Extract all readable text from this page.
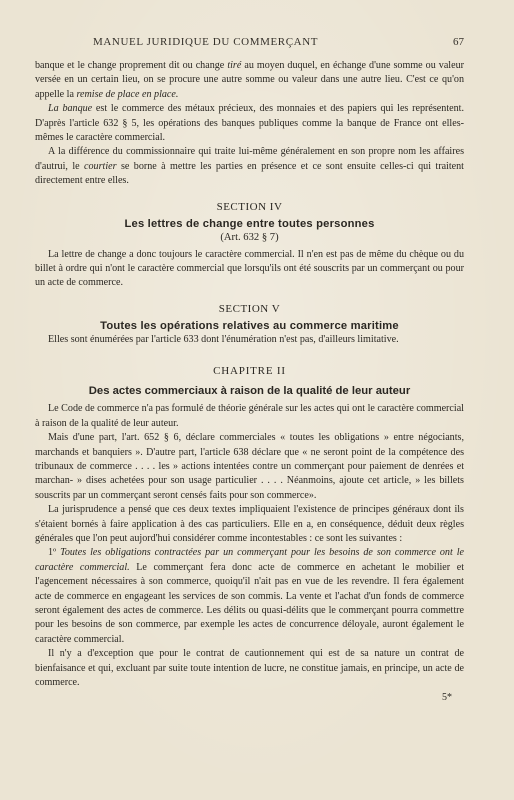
MANUEL JURIDIQUE DU COMMERÇANT	67

banque et le change proprement dit ou change tiré au moyen duquel, en échange d'une somme ou valeur versée en un certain lieu, on se procure une autre somme ou valeur dans une autre lieu. C'est ce qu'on appelle la remise de place en place.

La banque est le commerce des métaux précieux, des monnaies et des papiers qui les représentent. D'après l'article 632 § 5, les opérations des banques publiques comme la banque de France ont elles-mêmes le caractère commercial.

A la différence du commissionnaire qui traite lui-même généralement en son propre nom les affaires d'autrui, le courtier se borne à mettre les parties en présence et ce sont ensuite celles-ci qui traitent directement entre elles.

SECTION IV
Les lettres de change entre toutes personnes
(Art. 632 § 7)

La lettre de change a donc toujours le caractère commercial. Il n'en est pas de même du chèque ou du billet à ordre qui n'ont le caractère commercial que lorsqu'ils ont été souscrits par un commerçant ou pour un acte de commerce.

SECTION V
Toutes les opérations relatives au commerce maritime

Elles sont énumérées par l'article 633 dont l'énumération n'est pas, d'ailleurs limitative.

CHAPITRE II
Des actes commerciaux à raison de la qualité de leur auteur

Le Code de commerce n'a pas formulé de théorie générale sur les actes qui ont le caractère commercial à raison de la qualité de leur auteur.

Mais d'une part, l'art. 652 § 6, déclare commerciales « toutes les obligations » entre négociants, marchands et banquiers ». D'autre part, l'article 638 déclare que « ne seront point de la compétence des tribunaux de commerce . . . . les » actions intentées contre un commerçant pour paiement de denrées et marchan- » dises achetées pour son usage particulier . . . . Néanmoins, ajoute cet article, » les billets souscrits par un commerçant seront censés faits pour son commerce».

La jurisprudence a pensé que ces deux textes impliquaient l'existence de principes généraux dont ils s'étaient bornés à faire application à des cas particuliers. Elle en a, en conséquence, déduit deux règles générales que l'on peut aujord'hui considérer comme incontestables : ce sont les suivantes :

1º Toutes les obligations contractées par un commerçant pour les besoins de son commerce ont le caractère commercial. Le commerçant fera donc acte de commerce en achetant le mobilier et l'agencement nécessaires à son commerce, quoiqu'il n'ait pas en vue de les revendre. Il fera également acte de commerce en engageant les services de son commis. La vente et l'achat d'un fonds de commerce seront également des actes de commerce. Les délits ou quasi-délits que le commerçant pourra commettre pour les besoins de son commerce, par exemple les actes de concurrence déloyale, auront également le caractère commercial.

Il n'y a d'exception que pour le contrat de cautionnement qui est de sa nature un contrat de bienfaisance et qui, excluant par suite toute intention de lucre, ne constitue jamais, en principe, un acte de commerce.

5*
